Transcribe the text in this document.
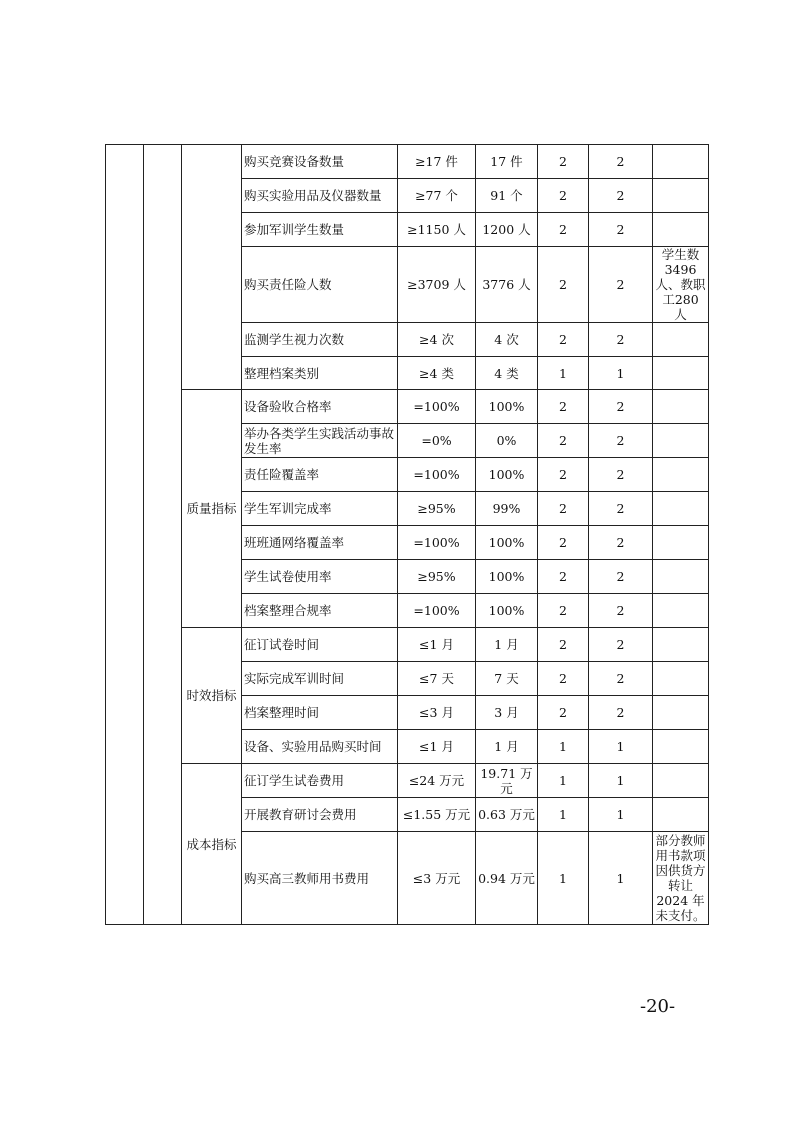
			购买竞赛设备数量	≥17 件	17 件	2	2	
			购买实验用品及仪器数量	≥77 个	91 个	2	2	
			参加军训学生数量	≥1150 人	1200 人	2	2	
			购买责任险人数	≥3709 人	3776 人	2	2	学生数3496 人、教职工280 人
			监测学生视力次数	≥4 次	4 次	2	2	
			整理档案类别	≥4 类	4 类	1	1	
		质量指标	设备验收合格率	=100%	100%	2	2	
			举办各类学生实践活动事故发生率	=0%	0%	2	2	
			责任险覆盖率	=100%	100%	2	2	
			学生军训完成率	≥95%	99%	2	2	
			班班通网络覆盖率	=100%	100%	2	2	
			学生试卷使用率	≥95%	100%	2	2	
			档案整理合规率	=100%	100%	2	2	
		时效指标	征订试卷时间	≤1 月	1 月	2	2	
			实际完成军训时间	≤7 天	7 天	2	2	
			档案整理时间	≤3 月	3 月	2	2	
			设备、实验用品购买时间	≤1 月	1 月	1	1	
		成本指标	征订学生试卷费用	≤24 万元	19.71 万元	1	1	
			开展教育研讨会费用	≤1.55 万元	0.63 万元	1	1	
			购买高三教师用书费用	≤3 万元	0.94 万元	1	1	部分教师用书款项因供货方转让2024 年未支付。
-20-
